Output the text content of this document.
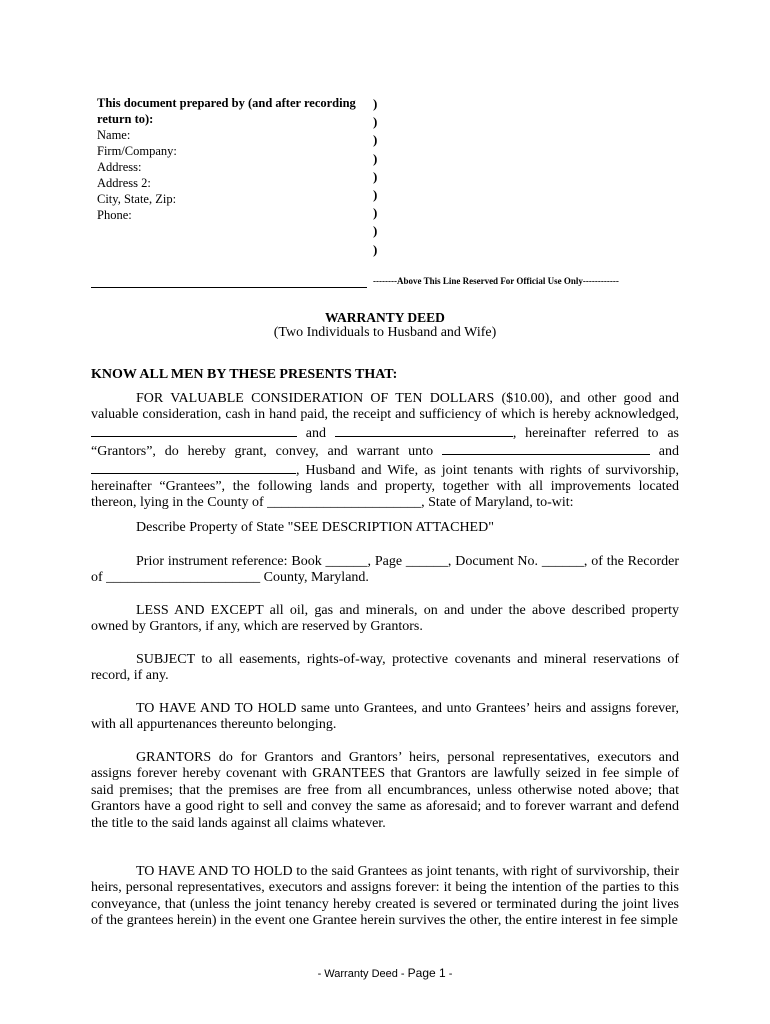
This document prepared by (and after recording
return to):
Name:
Firm/Company:
Address:
Address 2:
City, State, Zip:
Phone:
)
)
)
)
)
)
)
)
)
--------Above This Line Reserved For Official Use Only------------
WARRANTY DEED
(Two Individuals to Husband and Wife)
KNOW ALL MEN BY THESE PRESENTS THAT:
FOR VALUABLE CONSIDERATION OF TEN DOLLARS ($10.00), and other good and valuable consideration, cash in hand paid, the receipt and sufficiency of which is hereby acknowledged,  and	, hereinafter referred to as “Grantors”, do hereby grant, convey, and warrant unto	and , Husband and Wife, as joint tenants with rights of survivorship, hereinafter “Grantees”, the following lands and property, together with all improvements located thereon, lying in the County of ______________________, State of Maryland, to-wit:
Describe Property of State "SEE DESCRIPTION ATTACHED"
Prior instrument reference: Book ______, Page ______, Document No. ______, of the Recorder of ______________________ County, Maryland.
LESS AND EXCEPT all oil, gas and minerals, on and under the above described property owned by Grantors, if any, which are reserved by Grantors.
SUBJECT to all easements, rights-of-way, protective covenants and mineral reservations of record, if any.
TO HAVE AND TO HOLD same unto Grantees, and unto Grantees’ heirs and assigns forever, with all appurtenances thereunto belonging.
GRANTORS do for Grantors and Grantors’ heirs, personal representatives, executors and assigns forever hereby covenant with GRANTEES that Grantors are lawfully seized in fee simple of said premises; that the premises are free from all encumbrances, unless otherwise noted above; that Grantors have a good right to sell and convey the same as aforesaid; and to forever warrant and defend the title to the said lands against all claims whatever.
TO HAVE AND TO HOLD to the said Grantees as joint tenants, with right of survivorship, their heirs, personal representatives, executors and assigns forever: it being the intention of the parties to this conveyance, that (unless the joint tenancy hereby created is severed or terminated during the joint lives of the grantees herein) in the event one Grantee herein survives the other, the entire interest in fee simple
- Warranty Deed - Page 1 -
